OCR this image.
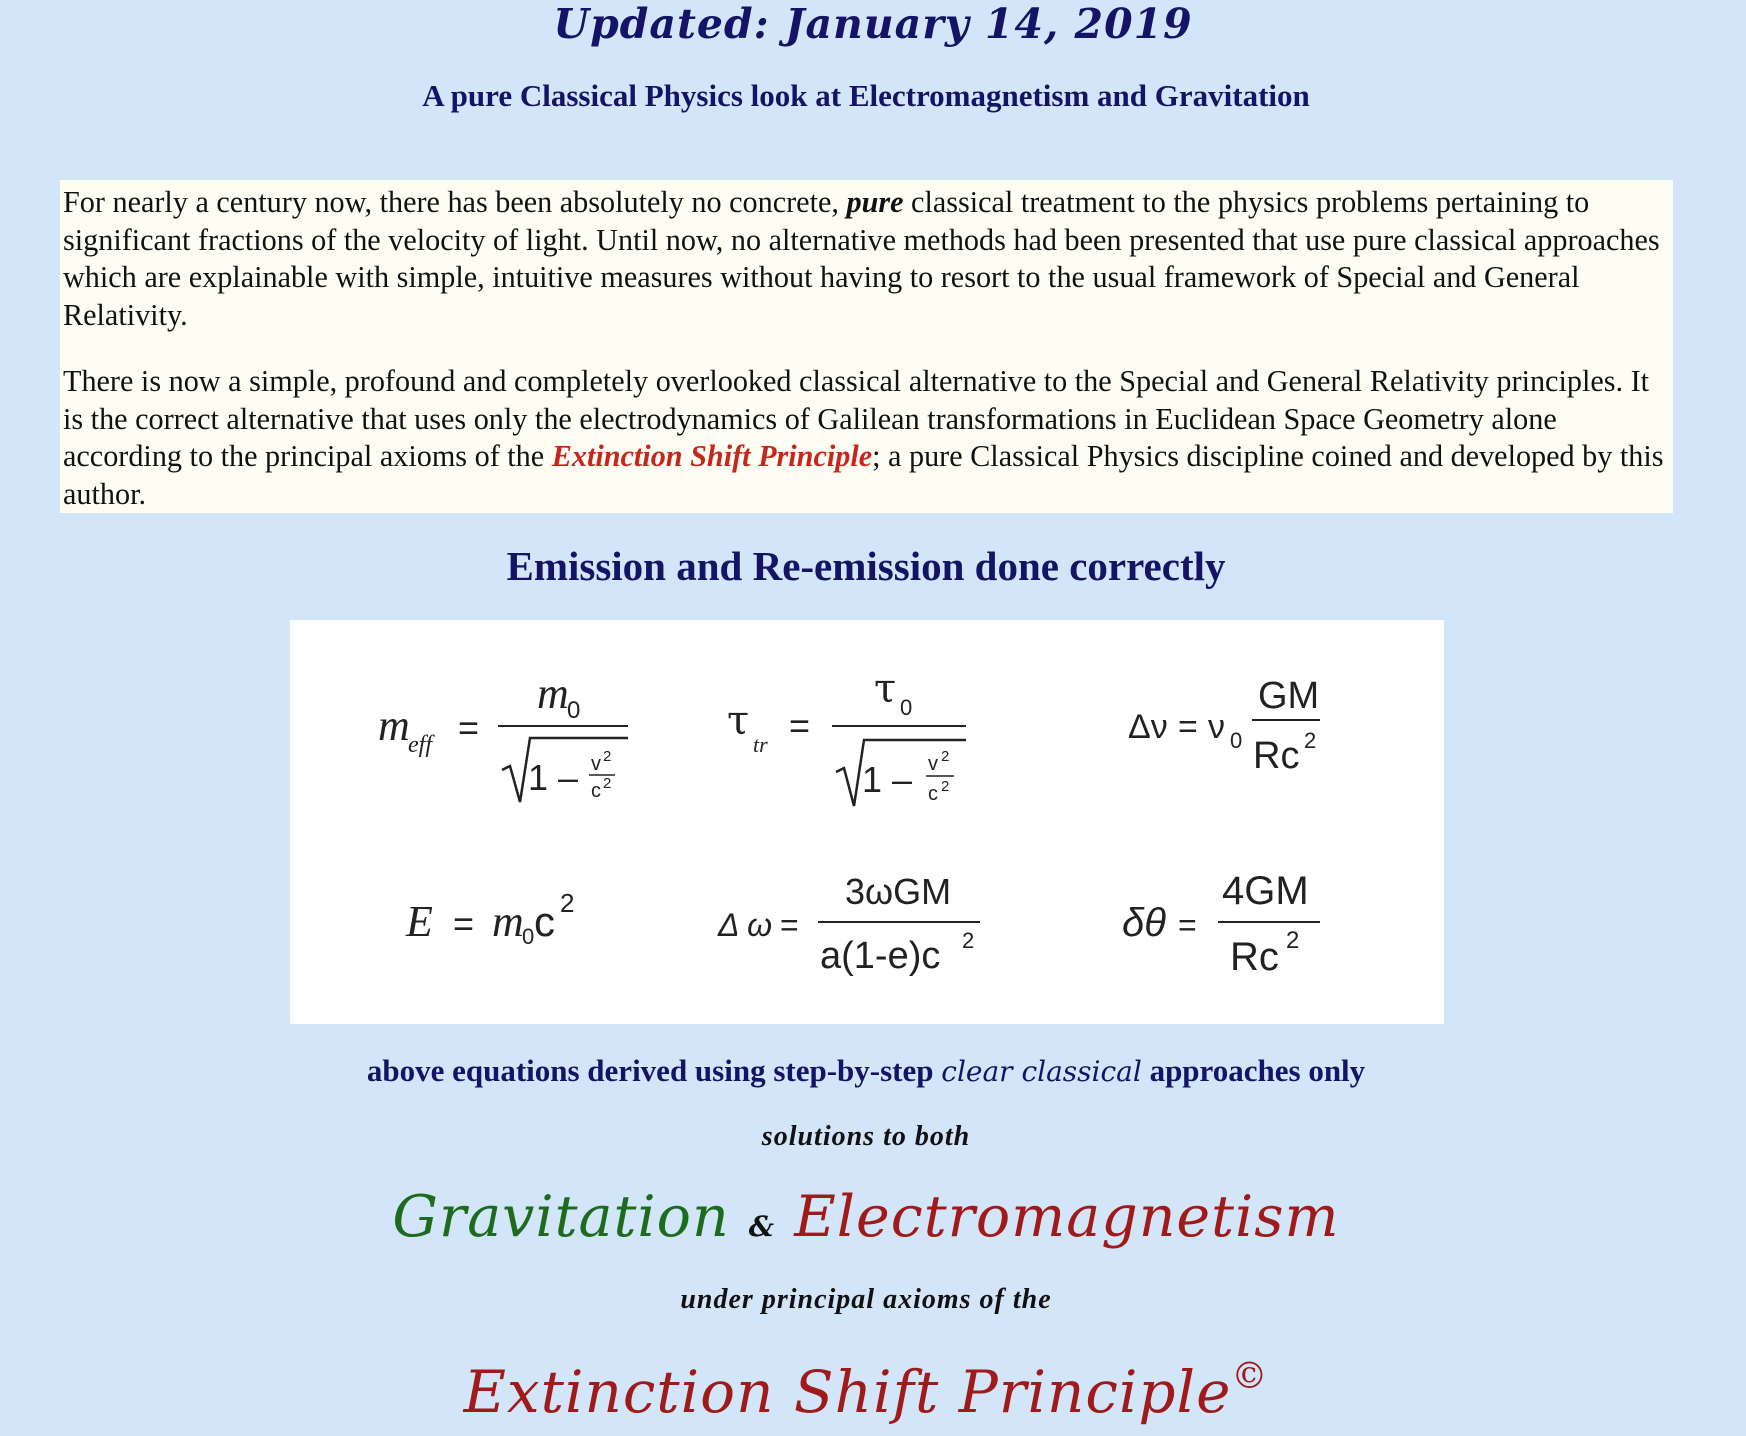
Updated: January 14, 2019
A pure Classical Physics look at Electromagnetism and Gravitation

For nearly a century now, there has been absolutely no concrete, pure classical treatment to the physics problems pertaining to significant fractions of the velocity of light. Until now, no alternative methods had been presented that use pure classical approaches which are explainable with simple, intuitive measures without having to resort to the usual framework of Special and General Relativity.

There is now a simple, profound and completely overlooked classical alternative to the Special and General Relativity principles. It is the correct alternative that uses only the electrodynamics of Galilean transformations in Euclidean Space Geometry alone according to the principal axioms of the Extinction Shift Principle; a pure Classical Physics discipline coined and developed by this author.

Emission and Re-emission done correctly
m
eff =
m
0
1 – v 2
c 2
τ
tr =
τ 0
1 – v 2
c 2
Δν = ν 0
GM
Rc 2
E = m
0 c 2
Δ ω =
3ωGM
a(1-e)c 2	δθ =
4GM
Rc 2
above equations derived using step-by-step clear classical approaches only
solutions to both
Gravitation & Electromagnetism
under principal axioms of the
Extinction Shift Principle©
